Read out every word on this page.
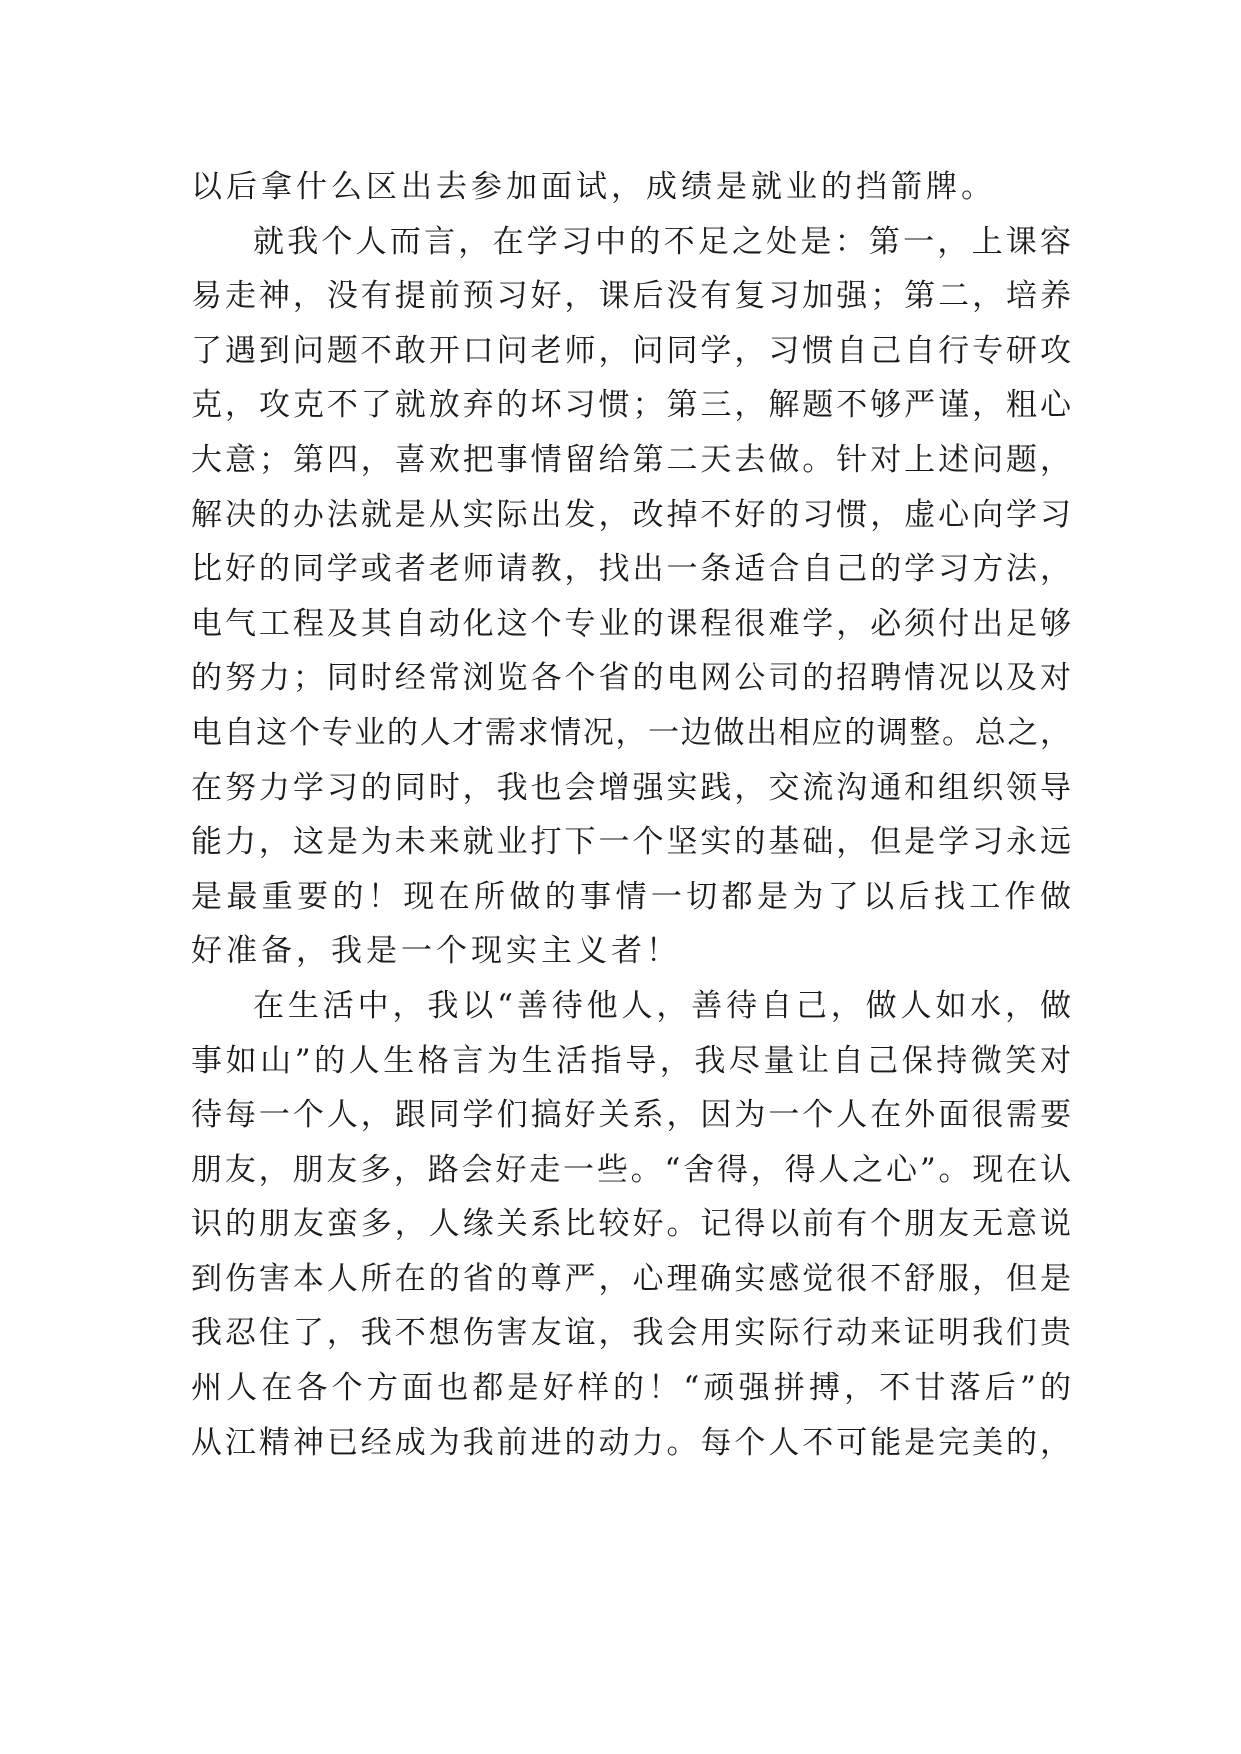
以后拿什么区出去参加面试，成绩是就业的挡箭牌。
就我个人而言，在学习中的不足之处是：第一，上课容
易走神，没有提前预习好，课后没有复习加强；第二，培养
了遇到问题不敢开口问老师，问同学，习惯自己自行专研攻
克，攻克不了就放弃的坏习惯；第三，解题不够严谨，粗心
大意；第四，喜欢把事情留给第二天去做。针对上述问题，
解决的办法就是从实际出发，改掉不好的习惯，虚心向学习
比好的同学或者老师请教，找出一条适合自己的学习方法，
电气工程及其自动化这个专业的课程很难学，必须付出足够
的努力；同时经常浏览各个省的电网公司的招聘情况以及对
电自这个专业的人才需求情况，一边做出相应的调整。总之，
在努力学习的同时，我也会增强实践，交流沟通和组织领导
能力，这是为未来就业打下一个坚实的基础，但是学习永远
是最重要的！现在所做的事情一切都是为了以后找工作做
好准备，我是一个现实主义者！
在生活中，我以“善待他人，善待自己，做人如水，做
事如山”的人生格言为生活指导，我尽量让自己保持微笑对
待每一个人，跟同学们搞好关系，因为一个人在外面很需要
朋友，朋友多，路会好走一些。“舍得，得人之心”。现在认
识的朋友蛮多，人缘关系比较好。记得以前有个朋友无意说
到伤害本人所在的省的尊严，心理确实感觉很不舒服，但是
我忍住了，我不想伤害友谊，我会用实际行动来证明我们贵
州人在各个方面也都是好样的！“顽强拼搏，不甘落后”的
从江精神已经成为我前进的动力。每个人不可能是完美的，
